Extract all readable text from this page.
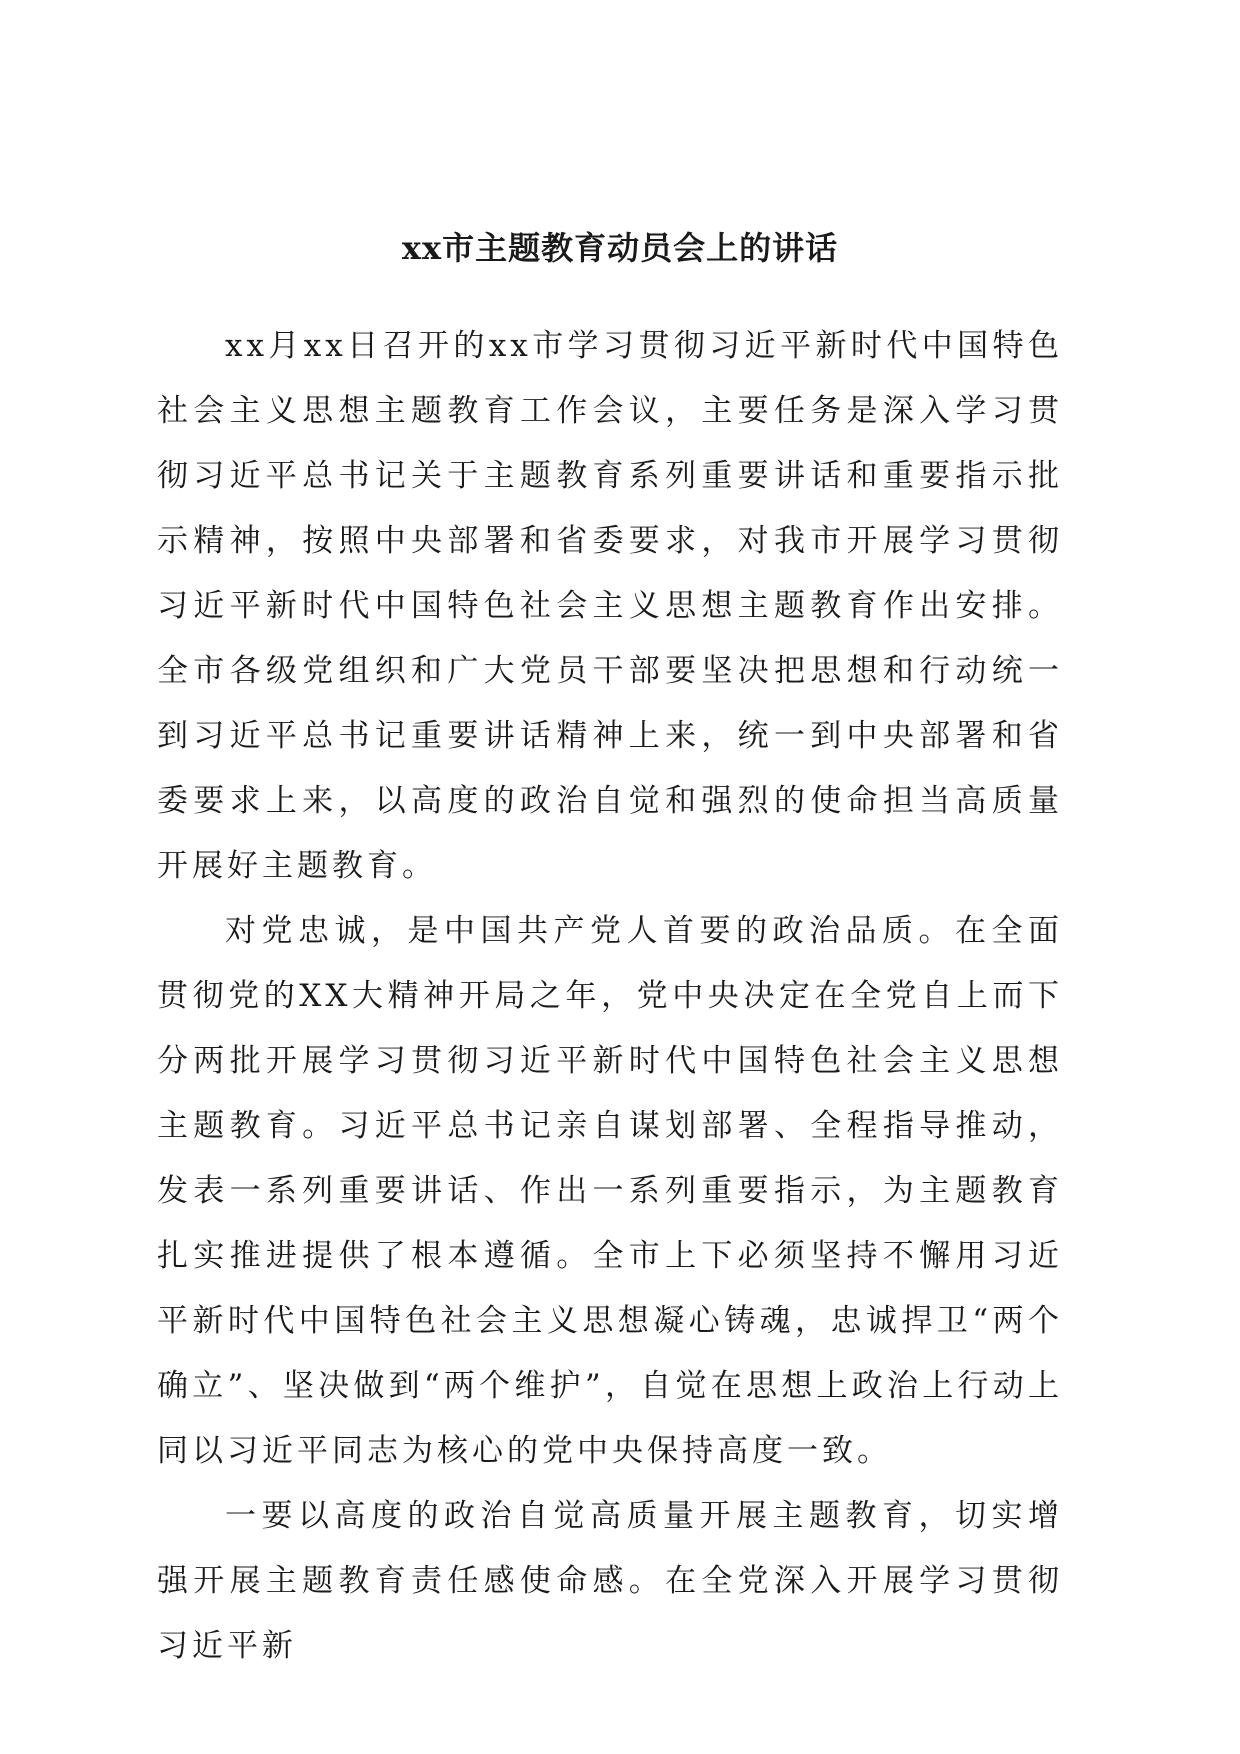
xx市主题教育动员会上的讲话

xx月xx日召开的xx市学习贯彻习近平新时代中国特色社会主义思想主题教育工作会议，主要任务是深入学习贯彻习近平总书记关于主题教育系列重要讲话和重要指示批示精神，按照中央部署和省委要求，对我市开展学习贯彻习近平新时代中国特色社会主义思想主题教育作出安排。全市各级党组织和广大党员干部要坚决把思想和行动统一到习近平总书记重要讲话精神上来，统一到中央部署和省委要求上来，以高度的政治自觉和强烈的使命担当高质量开展好主题教育。

对党忠诚，是中国共产党人首要的政治品质。在全面贯彻党的XX大精神开局之年，党中央决定在全党自上而下分两批开展学习贯彻习近平新时代中国特色社会主义思想主题教育。习近平总书记亲自谋划部署、全程指导推动，发表一系列重要讲话、作出一系列重要指示，为主题教育扎实推进提供了根本遵循。全市上下必须坚持不懈用习近平新时代中国特色社会主义思想凝心铸魂，忠诚捍卫“两个确立”、坚决做到“两个维护”，自觉在思想上政治上行动上同以习近平同志为核心的党中央保持高度一致。

一要以高度的政治自觉高质量开展主题教育，切实增强开展主题教育责任感使命感。在全党深入开展学习贯彻习近平新
